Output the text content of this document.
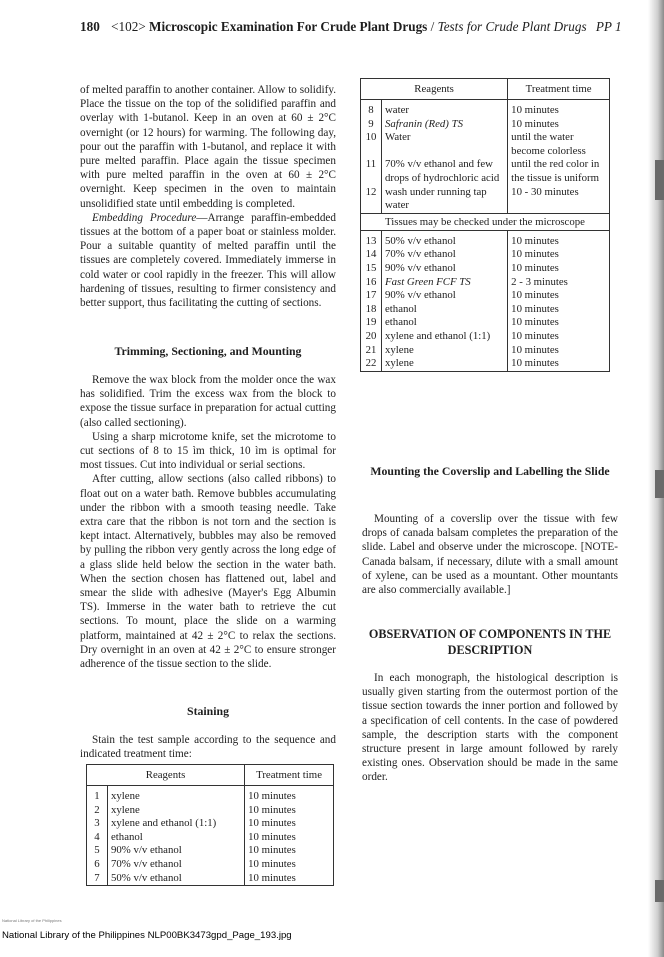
180 <102> Microscopic Examination For Crude Plant Drugs / Tests for Crude Plant Drugs PP 1

of melted paraffin to another container. Allow to solidify. Place the tissue on the top of the solidified paraffin and overlay with 1-butanol. Keep in an oven at 60 ± 2°C overnight (or 12 hours) for warming. The following day, pour out the paraffin with 1-butanol, and replace it with pure melted paraffin. Place again the tissue specimen with pure melted paraffin in the oven at 60 ± 2°C overnight. Keep specimen in the oven to maintain unsolidified state until embedding is completed.

Embedding Procedure—Arrange paraffin-embedded tissues at the bottom of a paper boat or stainless molder. Pour a suitable quantity of melted paraffin until the tissues are completely covered. Immediately immerse in cold water or cool rapidly in the freezer. This will allow hardening of tissues, resulting to firmer consistency and better support, thus facilitating the cutting of sections.

Trimming, Sectioning, and Mounting

Remove the wax block from the molder once the wax has solidified. Trim the excess wax from the block to expose the tissue surface in preparation for actual cutting (also called sectioning).

Using a sharp microtome knife, set the microtome to cut sections of 8 to 15 ìm thick, 10 ìm is optimal for most tissues. Cut into individual or serial sections.

After cutting, allow sections (also called ribbons) to float out on a water bath. Remove bubbles accumulating under the ribbon with a smooth teasing needle. Take extra care that the ribbon is not torn and the section is kept intact. Alternatively, bubbles may also be removed by pulling the ribbon very gently across the long edge of a glass slide held below the section in the water bath. When the section chosen has flattened out, label and smear the slide with adhesive (Mayer's Egg Albumin TS). Immerse in the water bath to retrieve the cut sections. To mount, place the slide on a warming platform, maintained at 42 ± 2°C to relax the sections. Dry overnight in an oven at 42 ± 2°C to ensure stronger adherence of the tissue section to the slide.

Staining

Stain the test sample according to the sequence and indicated treatment time:

Reagents		Treatment time
1	xylene	10 minutes
2	xylene	10 minutes
3	xylene and ethanol (1:1)	10 minutes
4	ethanol	10 minutes
5	90% v/v ethanol	10 minutes
6	70% v/v ethanol	10 minutes
7	50% v/v ethanol	10 minutes
Reagents		Treatment time
8	water	10 minutes
9	Safranin (Red) TS	10 minutes
10	Water	until the water become colorless
11	70% v/v ethanol and few drops of hydrochloric acid	until the red color in the tissue is uniform
12	wash under running tap water	10 - 30 minutes
Tissues may be checked under the microscope		
13	50% v/v ethanol	10 minutes
14	70% v/v ethanol	10 minutes
15	90% v/v ethanol	10 minutes
16	Fast Green FCF TS	2 - 3 minutes
17	90% v/v ethanol	10 minutes
18	ethanol	10 minutes
19	ethanol	10 minutes
20	xylene and ethanol (1:1)	10 minutes
21	xylene	10 minutes
22	xylene	10 minutes
Mounting the Coverslip and Labelling the Slide

Mounting of a coverslip over the tissue with few drops of canada balsam completes the preparation of the slide. Label and observe under the microscope. [NOTE-Canada balsam, if necessary, dilute with a small amount of xylene, can be used as a mountant. Other mountants are also commercially available.]

OBSERVATION OF COMPONENTS IN THE DESCRIPTION

In each monograph, the histological description is usually given starting from the outermost portion of the tissue section towards the inner portion and followed by a specification of cell contents. In the case of powdered sample, the description starts with the component structure present in large amount followed by rarely existing ones. Observation should be made in the same order.

National Library of the Philippines
National Library of the Philippines NLP00BK3473gpd_Page_193.jpg
